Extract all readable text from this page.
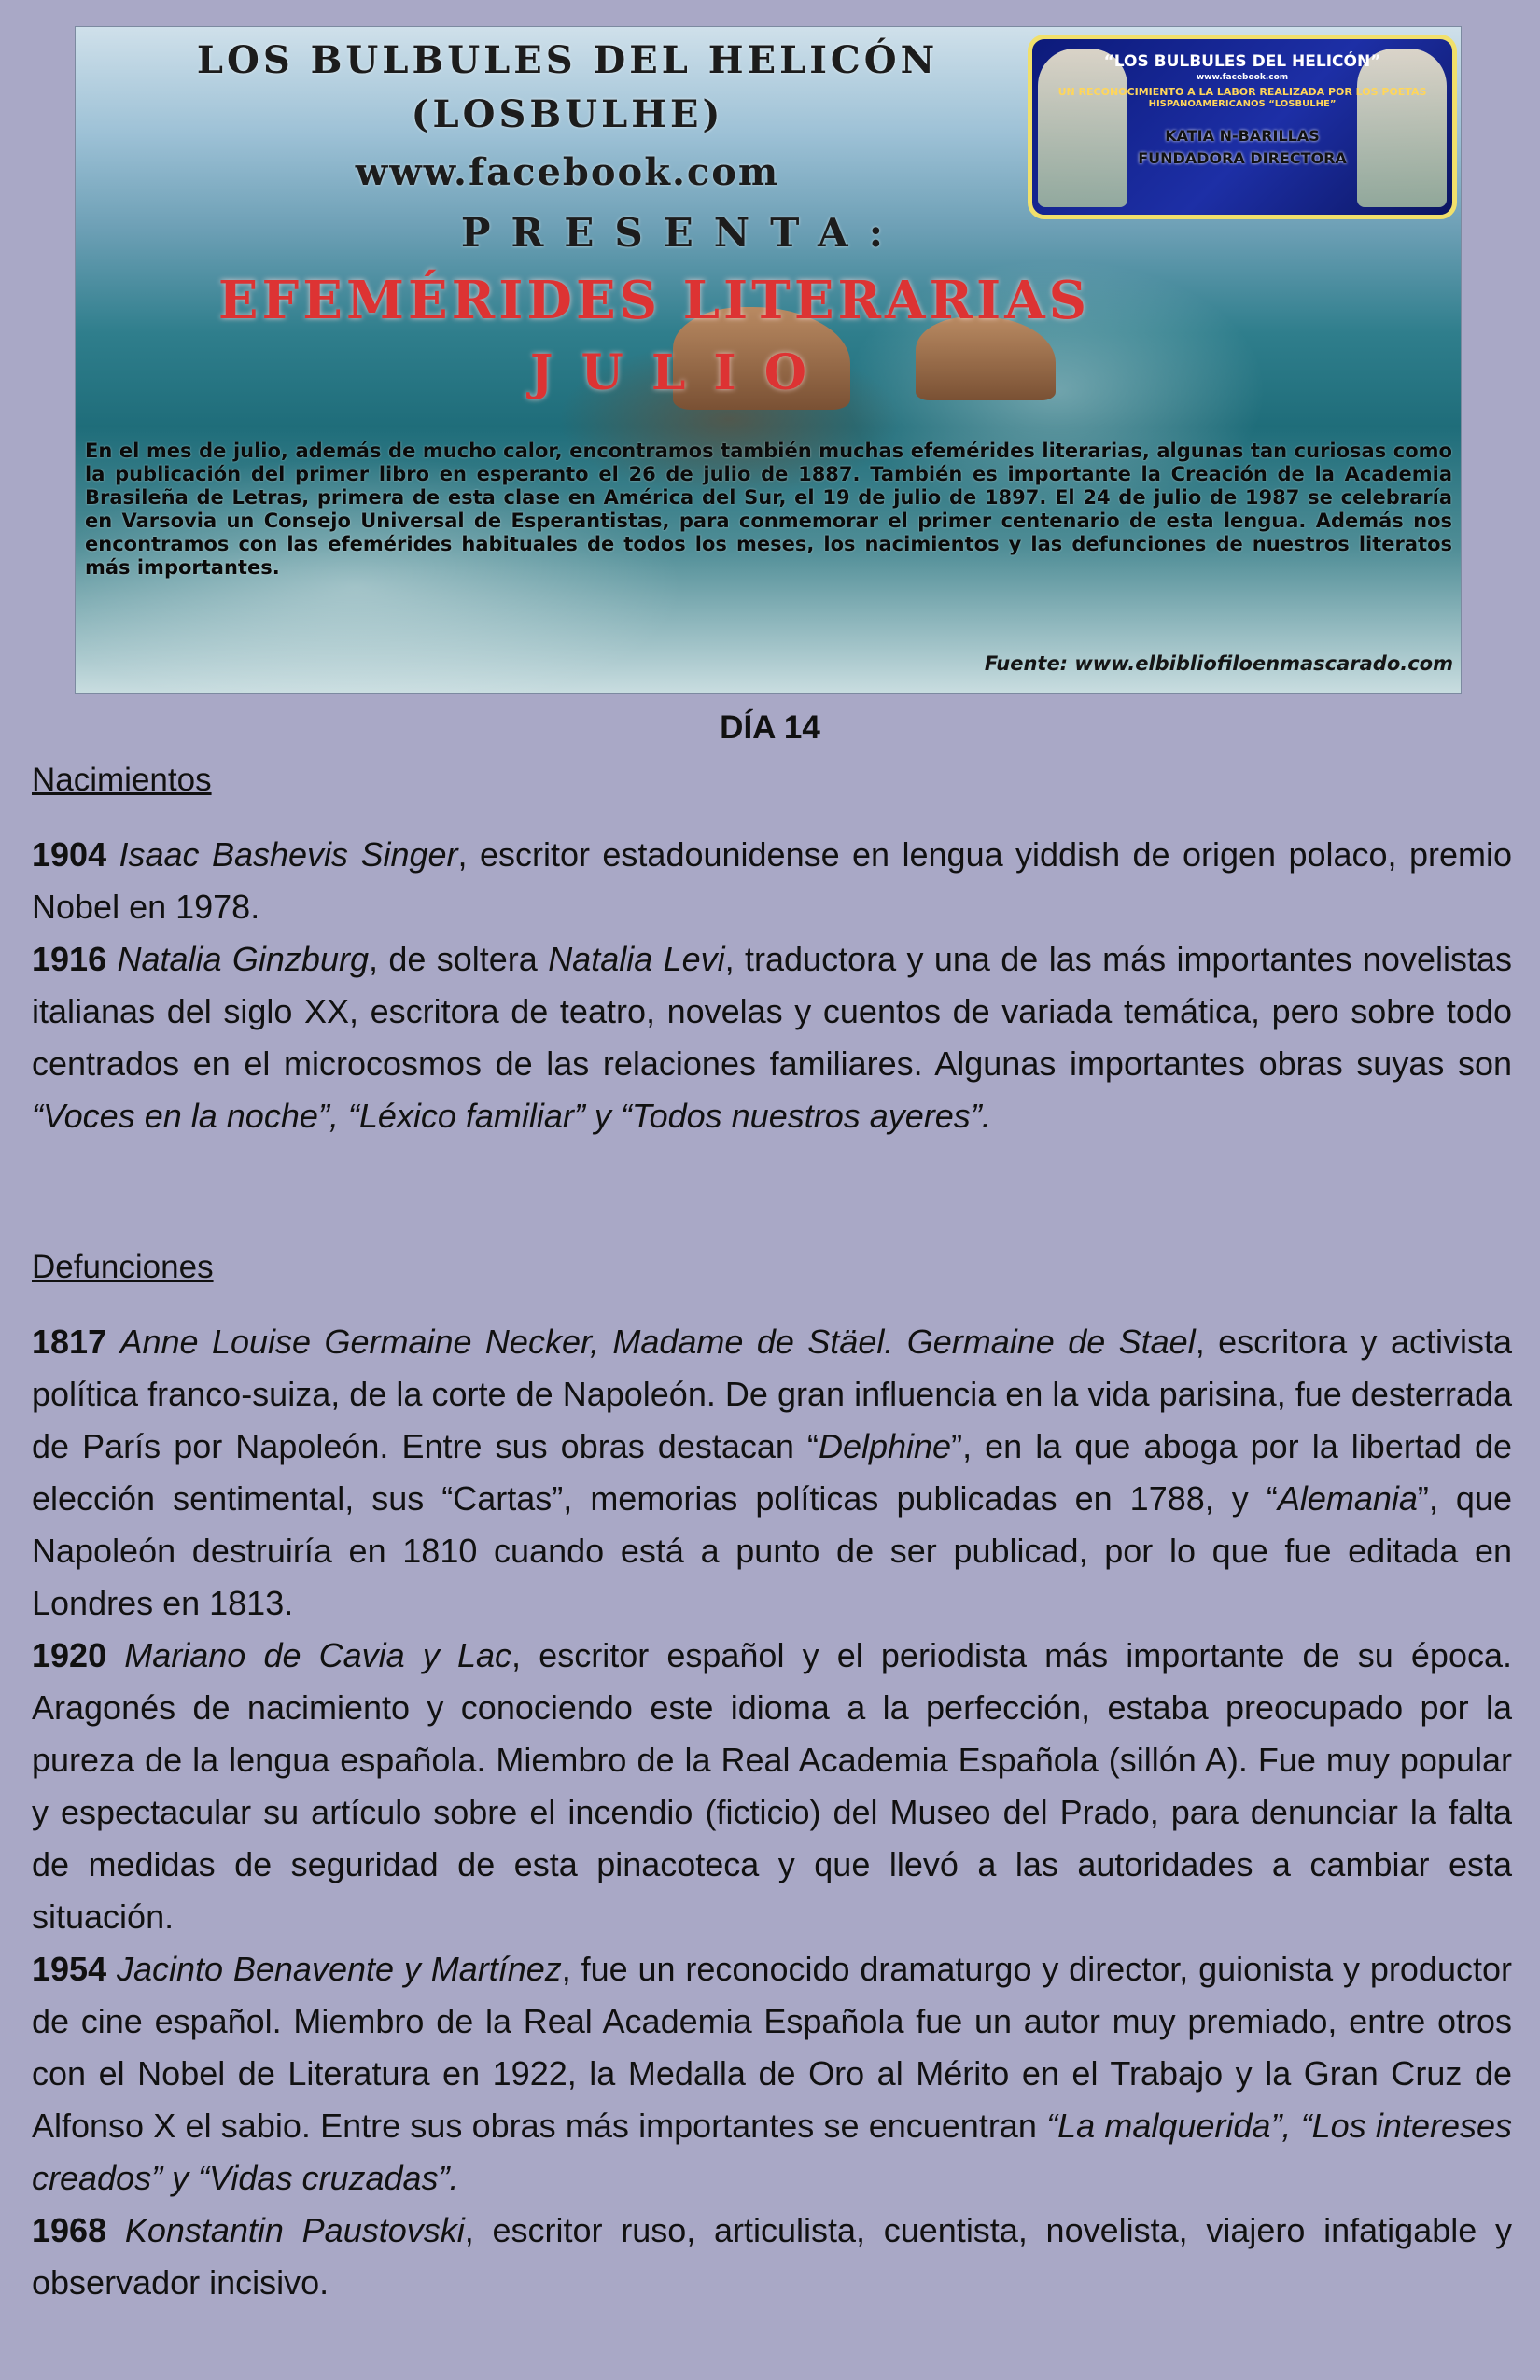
LOS BULBULES DEL HELICÓN
(LOSBULHE)
www.facebook.com
PRESENTA:
EFEMÉRIDES LITERARIAS
JULIO
“LOS BULBULES DEL HELICÓN”
www.facebook.com
UN RECONOCIMIENTO A LA LABOR REALIZADA POR LOS POETAS
HISPANOAMERICANOS “LOSBULHE”
KATIA N-BARILLAS
FUNDADORA DIRECTORA
En el mes de julio, además de mucho calor, encontramos también muchas efemérides literarias, algunas tan curiosas como la publicación del primer libro en esperanto el 26 de julio de 1887. También es importante la Creación de la Academia Brasileña de Letras, primera de esta clase en América del Sur, el 19 de julio de 1897. El 24 de julio de 1987 se celebraría en Varsovia un Consejo Universal de Esperantistas, para conmemorar el primer centenario de esta lengua. Además nos encontramos con las efemérides habituales de todos los meses, los nacimientos y las defunciones de nuestros literatos más importantes.
Fuente: www.elbibliofiloenmascarado.com
DÍA 14
Nacimientos

1904 Isaac Bashevis Singer, escritor estadounidense en lengua yiddish de origen polaco, premio Nobel en 1978.

1916 Natalia Ginzburg, de soltera Natalia Levi, traductora y una de las más importantes novelistas italianas del siglo XX, escritora de teatro, novelas y cuentos de variada temática, pero sobre todo centrados en el microcosmos de las relaciones familiares. Algunas importantes obras suyas son “Voces en la noche”, “Léxico familiar” y “Todos nuestros ayeres”.

Defunciones

1817 Anne Louise Germaine Necker, Madame de Stäel. Germaine de Stael, escritora y activista política franco-suiza, de la corte de Napoleón. De gran influencia en la vida parisina, fue desterrada de París por Napoleón. Entre sus obras destacan “Delphine”, en la que aboga por la libertad de elección sentimental, sus “Cartas”, memorias políticas publicadas en 1788, y “Alemania”, que Napoleón destruiría en 1810 cuando está a punto de ser publicad, por lo que fue editada en Londres en 1813.

1920 Mariano de Cavia y Lac, escritor español y el periodista más importante de su época. Aragonés de nacimiento y conociendo este idioma a la perfección, estaba preocupado por la pureza de la lengua española. Miembro de la Real Academia Española (sillón A). Fue muy popular y espectacular su artículo sobre el incendio (ficticio) del Museo del Prado, para denunciar la falta de medidas de seguridad de esta pinacoteca y que llevó a las autoridades a cambiar esta situación.

1954 Jacinto Benavente y Martínez, fue un reconocido dramaturgo y director, guionista y productor de cine español. Miembro de la Real Academia Española fue un autor muy premiado, entre otros con el Nobel de Literatura en 1922, la Medalla de Oro al Mérito en el Trabajo y la Gran Cruz de Alfonso X el sabio. Entre sus obras más importantes se encuentran “La malquerida”, “Los intereses creados” y “Vidas cruzadas”.

1968 Konstantin Paustovski, escritor ruso, articulista, cuentista, novelista, viajero infatigable y observador incisivo.
